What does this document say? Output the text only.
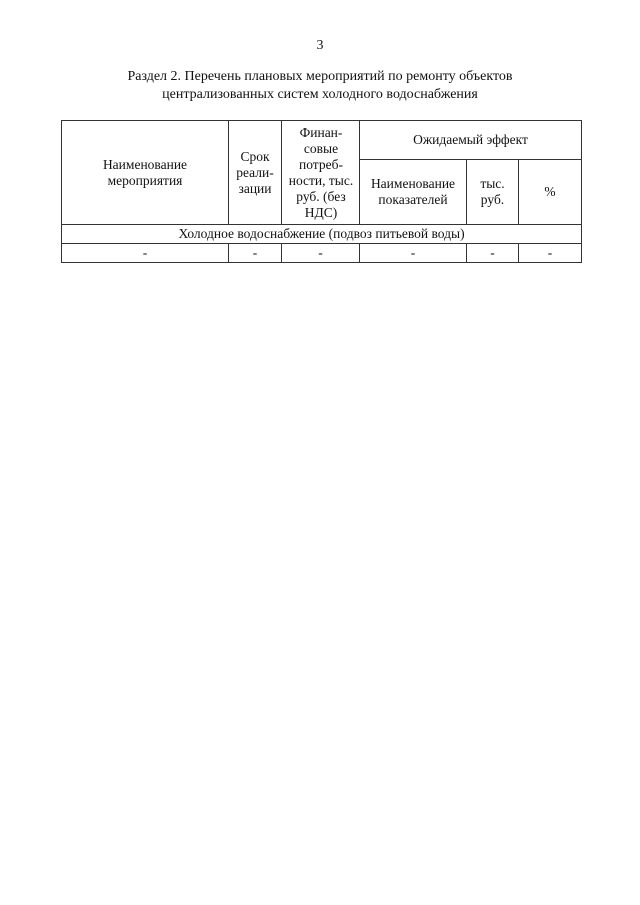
3
Раздел 2. Перечень плановых мероприятий по ремонту объектов
централизованных систем холодного водоснабжения
Наименование мероприятия	Срок реали-зации	Финан-совые потреб-ности, тыс. руб. (без НДС)	Ожидаемый эффект		

			Наименование показателей	тыс. руб.	%
Холодное водоснабжение (подвоз питьевой воды)					
-	-	-	-	-	-
